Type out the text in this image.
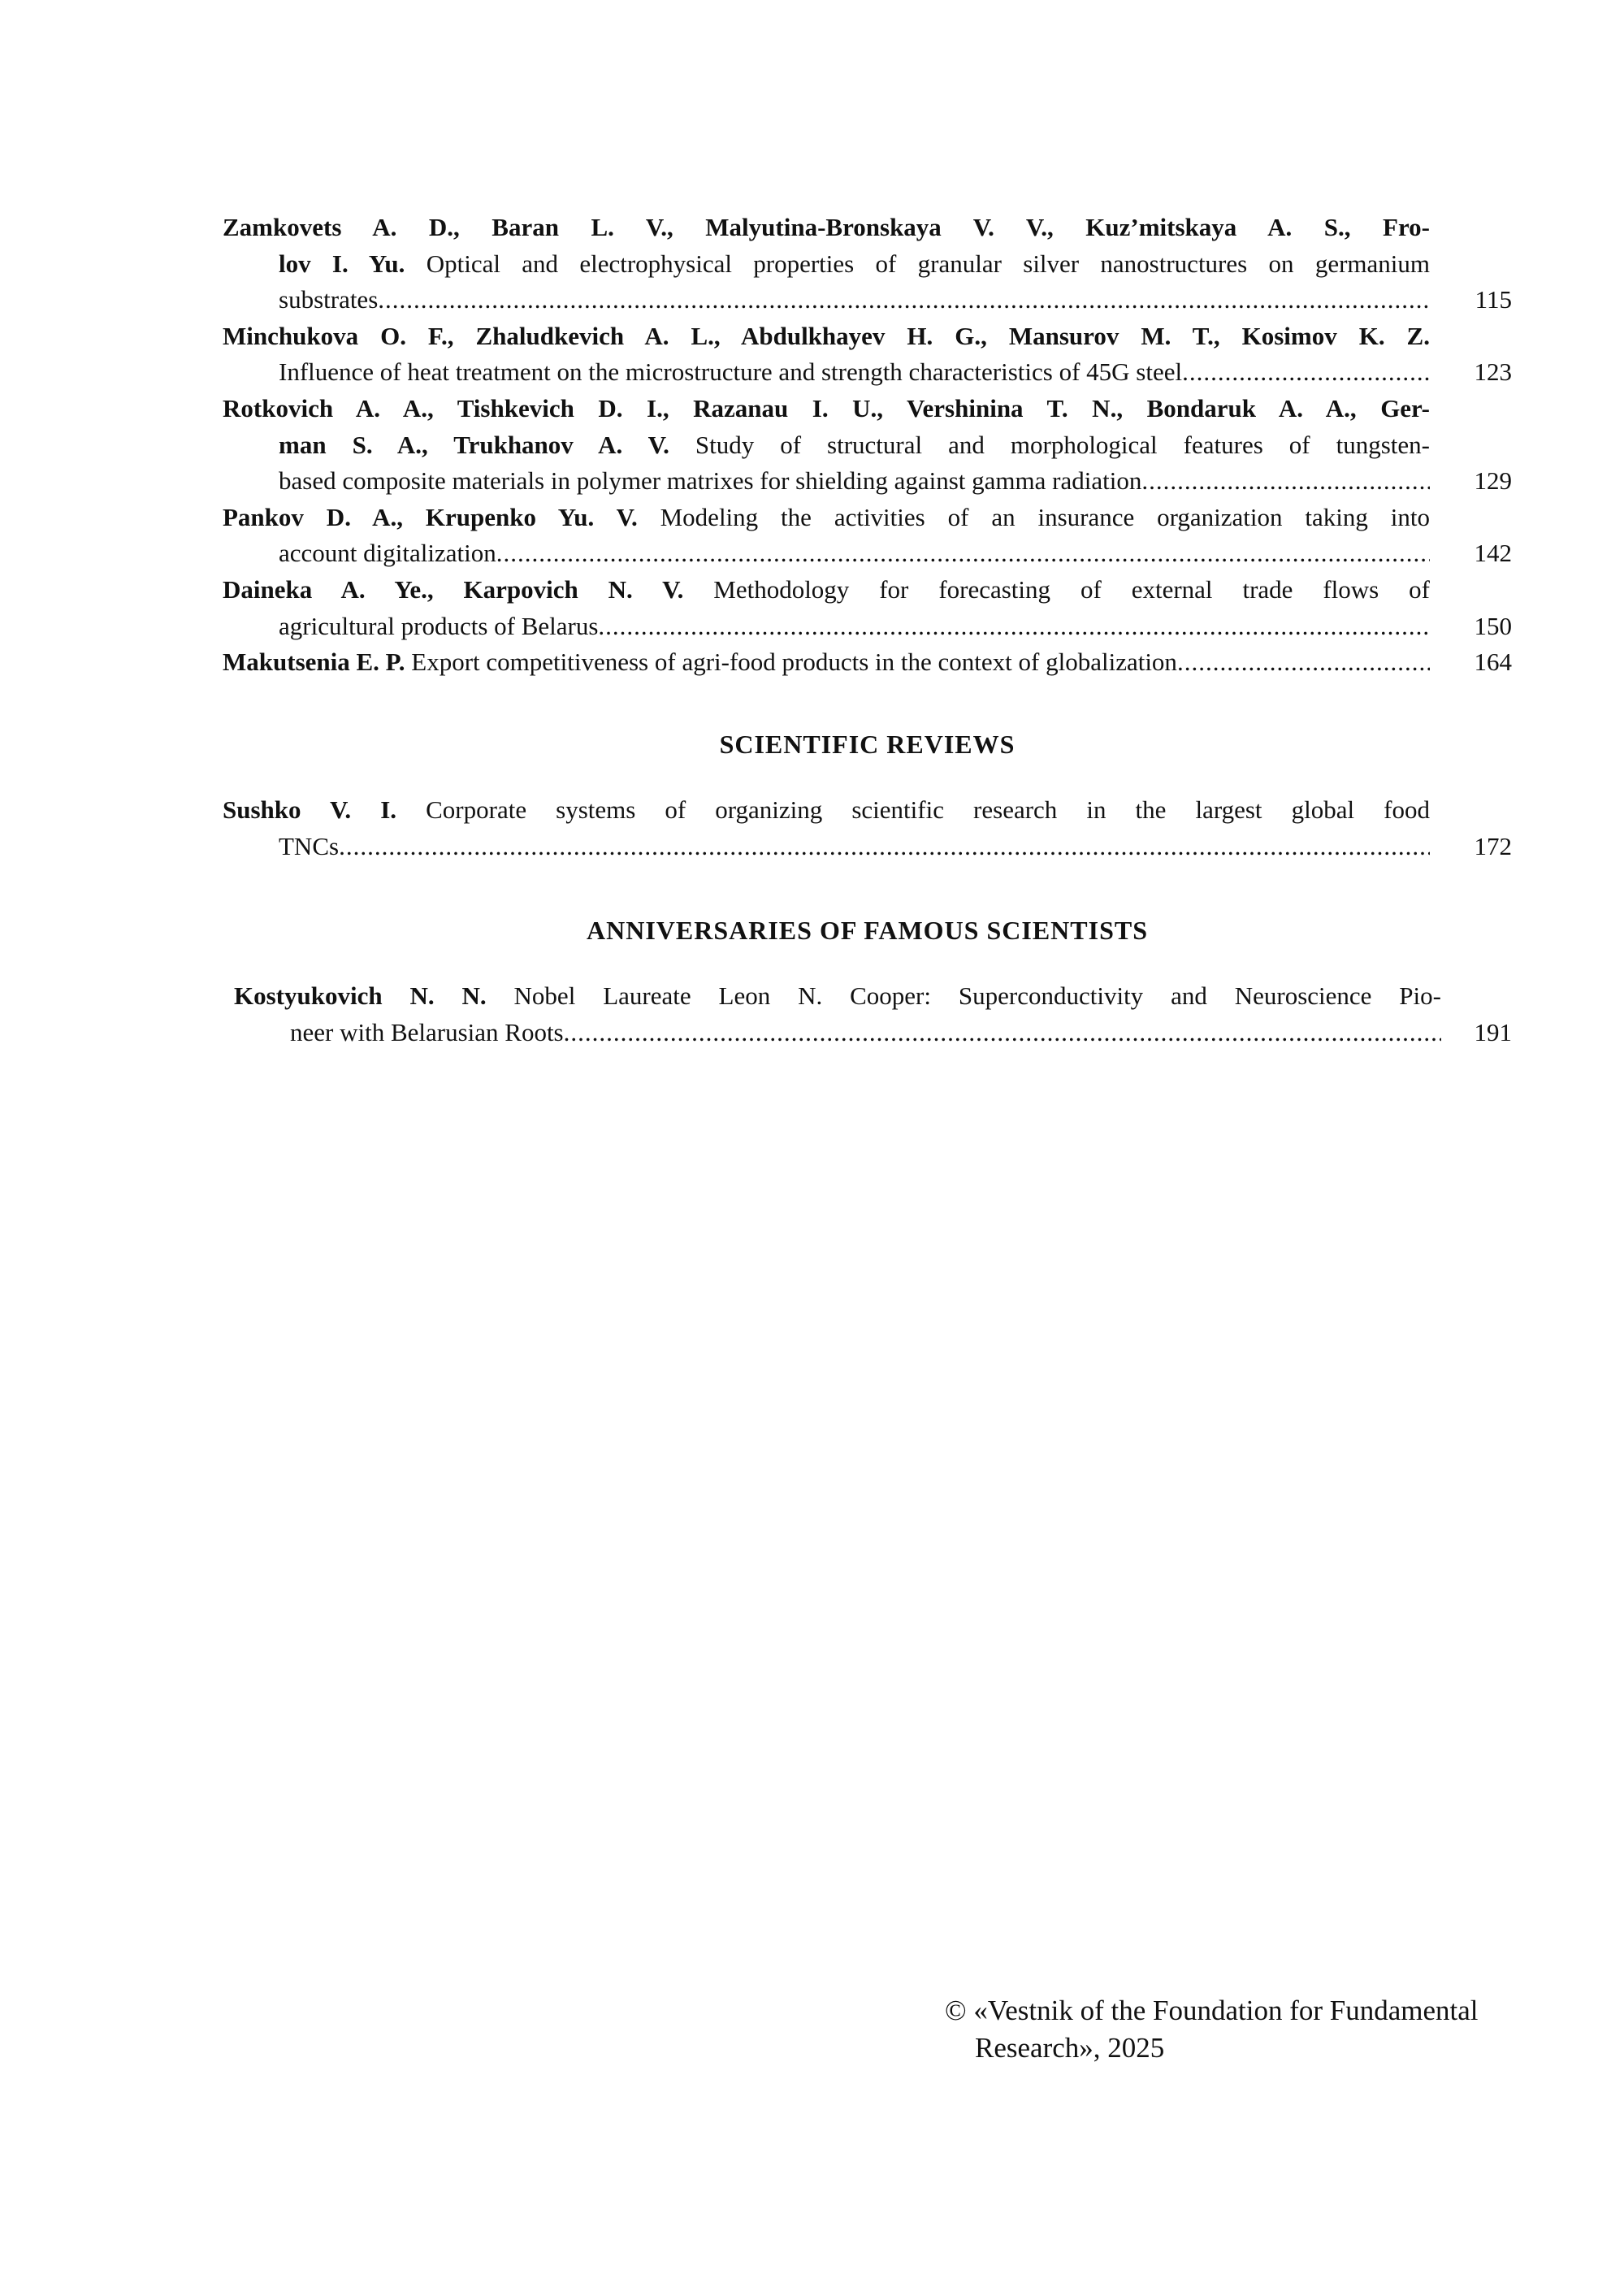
Zamkovets A. D., Baran L. V., Malyutina-Bronskaya V. V., Kuz’mitskaya A. S., Fro-
lov I. Yu. Optical and electrophysical properties of granular silver nanostructures on germanium
substrates .....	115
Minchukova O. F., Zhaludkevich A. L., Abdulkhayev H. G., Mansurov M. T., Kosimov K. Z.
Influence of heat treatment on the microstructure and strength characteristics of 45G steel .....	123
Rotkovich A. A., Tishkevich D. I., Razanau I. U., Vershinina T. N., Bondaruk A. A., Ger-
man S. A., Trukhanov A. V. Study of structural and morphological features of tungsten-
based composite materials in polymer matrixes for shielding against gamma radiation .....	129
Pankov D. A., Krupenko Yu. V. Modeling the activities of an insurance organization taking into
account digitalization .....	142
Daineka A. Ye., Karpovich N. V. Methodology for forecasting of external trade flows of
agricultural products of Belarus .....	150
Makutsenia E. P. Export competitiveness of agri-food products in the context of globalization .....	164
SCIENTIFIC REVIEWS
Sushko V. I. Corporate systems of organizing scientific research in the largest global food
TNCs .....	172
ANNIVERSARIES OF FAMOUS SCIENTISTS
Kostyukovich N. N. Nobel Laureate Leon N. Cooper: Superconductivity and Neuroscience Pio-
neer with Belarusian Roots .....	191
© «Vestnik of the Foundation for Fundamental
Research», 2025
